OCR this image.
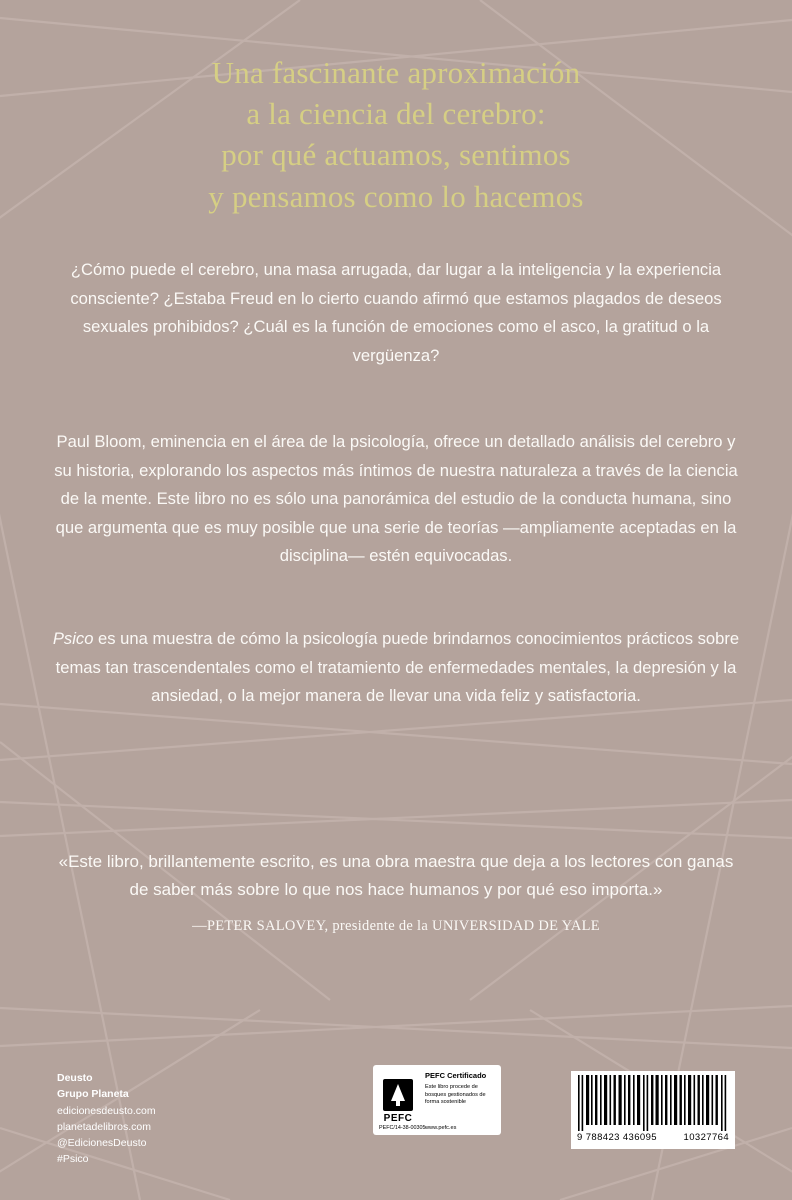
Una fascinante aproximación
a la ciencia del cerebro:
por qué actuamos, sentimos
y pensamos como lo hacemos

¿Cómo puede el cerebro, una masa arrugada, dar lugar a la inteligencia y la experiencia consciente? ¿Estaba Freud en lo cierto cuando afirmó que estamos plagados de deseos sexuales prohibidos? ¿Cuál es la función de emociones como el asco, la gratitud o la vergüenza?

Paul Bloom, eminencia en el área de la psicología, ofrece un detallado análisis del cerebro y su historia, explorando los aspectos más íntimos de nuestra naturaleza a través de la ciencia de la mente. Este libro no es sólo una panorámica del estudio de la conducta humana, sino que argumenta que es muy posible que una serie de teorías —ampliamente aceptadas en la disciplina— estén equivocadas.

Psico es una muestra de cómo la psicología puede brindarnos conocimientos prácticos sobre temas tan trascendentales como el tratamiento de enfermedades mentales, la depresión y la ansiedad, o la mejor manera de llevar una vida feliz y satisfactoria.

«Este libro, brillantemente escrito, es una obra maestra que deja a los lectores con ganas de saber más sobre lo que nos hace humanos y por qué eso importa.»
—PETER SALOVEY, presidente de la UNIVERSIDAD DE YALE
Deusto
Grupo Planeta
edicionesdeusto.com
planetadelibros.com
@EdicionesDeusto
#Psico
PEFC
PEFC Certificado
Este libro procede de bosques gestionados de forma sostenible
www.pefc.es
PEFC/14-38-00305
9 788423 436095	10327764
